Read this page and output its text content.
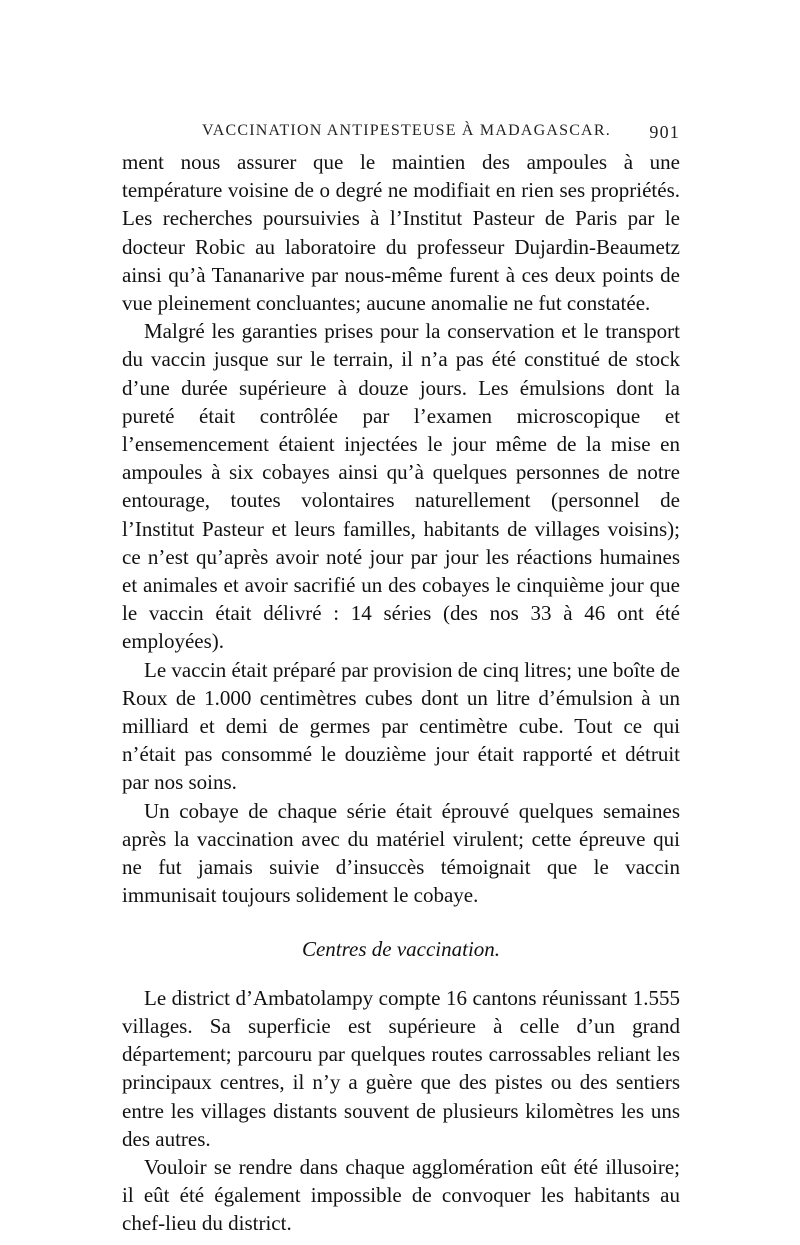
VACCINATION ANTIPESTEUSE À MADAGASCAR. 901

ment nous assurer que le maintien des ampoules à une température voisine de o degré ne modifiait en rien ses propriétés. Les recherches poursuivies à l’Institut Pasteur de Paris par le docteur Robic au laboratoire du professeur Dujardin-Beaumetz ainsi qu’à Tananarive par nous-même furent à ces deux points de vue pleinement concluantes; aucune anomalie ne fut constatée.

Malgré les garanties prises pour la conservation et le transport du vaccin jusque sur le terrain, il n’a pas été constitué de stock d’une durée supérieure à douze jours. Les émulsions dont la pureté était contrôlée par l’examen microscopique et l’ensemencement étaient injectées le jour même de la mise en ampoules à six cobayes ainsi qu’à quelques personnes de notre entourage, toutes volontaires naturellement (personnel de l’Institut Pasteur et leurs familles, habitants de villages voisins); ce n’est qu’après avoir noté jour par jour les réactions humaines et animales et avoir sacrifié un des cobayes le cinquième jour que le vaccin était délivré : 14 séries (des nos 33 à 46 ont été employées).

Le vaccin était préparé par provision de cinq litres; une boîte de Roux de 1.000 centimètres cubes dont un litre d’émulsion à un milliard et demi de germes par centimètre cube. Tout ce qui n’était pas consommé le douzième jour était rapporté et détruit par nos soins.

Un cobaye de chaque série était éprouvé quelques semaines après la vaccination avec du matériel virulent; cette épreuve qui ne fut jamais suivie d’insuccès témoignait que le vaccin immunisait toujours solidement le cobaye.

Centres de vaccination.

Le district d’Ambatolampy compte 16 cantons réunissant 1.555 villages. Sa superficie est supérieure à celle d’un grand département; parcouru par quelques routes carrossables reliant les principaux centres, il n’y a guère que des pistes ou des sentiers entre les villages distants souvent de plusieurs kilomètres les uns des autres.

Vouloir se rendre dans chaque agglomération eût été illusoire; il eût été également impossible de convoquer les habitants au chef-lieu du district.
